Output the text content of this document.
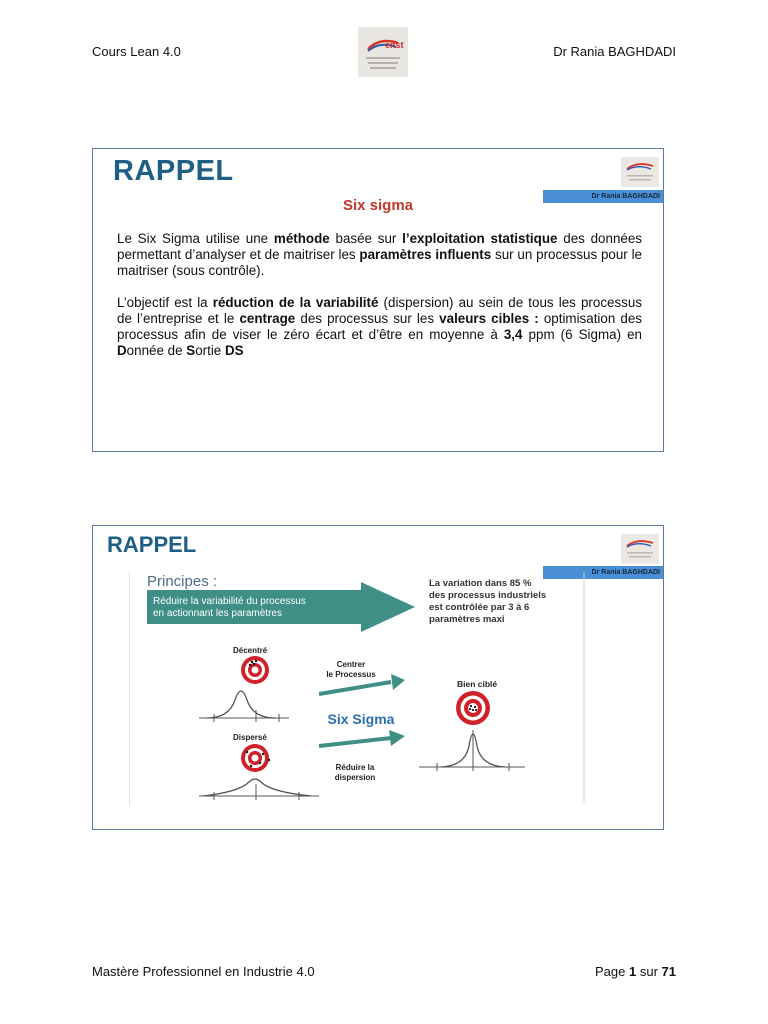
Cours Lean 4.0	enst	Dr Rania BAGHDADI
RAPPEL
Dr Rania BAGHDADI
Six sigma
Le Six Sigma utilise une méthode basée sur l’exploitation statistique des données permettant d’analyser et de maitriser les paramètres influents sur un processus pour le maitriser (sous contrôle).
L’objectif est la réduction de la variabilité (dispersion) au sein de tous les processus de l’entreprise et le centrage des processus sur les valeurs cibles : optimisation des processus afin de viser le zéro écart et d’être en moyenne à 3,4 ppm (6 Sigma) en Donnée de Sortie DS
RAPPEL
Dr Rania BAGHDADI
Principes :
Réduire la variabilité du processus
en actionnant les paramètres
La variation dans 85 %
des processus industriels
est contrôlée par 3 à 6
paramètres maxi
Décentré
Dispersé
Centrer
le Processus
Six Sigma
Réduire la
dispersion
Bien ciblé
Mastère Professionnel en Industrie 4.0	Page 1 sur 71
